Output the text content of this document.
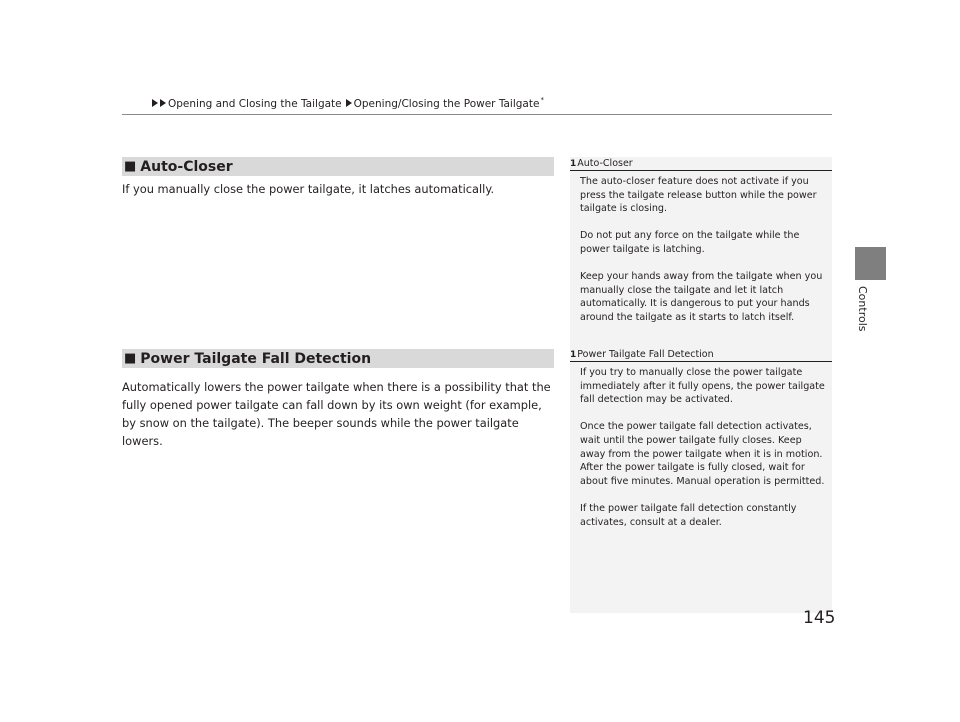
Opening and Closing the Tailgate Opening/Closing the Power Tailgate*
Controls
■ Auto-Closer
If you manually close the power tailgate, it latches automatically.
■ Power Tailgate Fall Detection
Automatically lowers the power tailgate when there is a possibility that the fully opened power tailgate can fall down by its own weight (for example, by snow on the tailgate). The beeper sounds while the power tailgate lowers.
1 Auto-Closer

The auto-closer feature does not activate if you press the tailgate release button while the power tailgate is closing.

Do not put any force on the tailgate while the power tailgate is latching.

Keep your hands away from the tailgate when you manually close the tailgate and let it latch automatically. It is dangerous to put your hands around the tailgate as it starts to latch itself.

1 Power Tailgate Fall Detection

If you try to manually close the power tailgate immediately after it fully opens, the power tailgate fall detection may be activated.

Once the power tailgate fall detection activates, wait until the power tailgate fully closes. Keep away from the power tailgate when it is in motion. After the power tailgate is fully closed, wait for about five minutes. Manual operation is permitted.

If the power tailgate fall detection constantly activates, consult at a dealer.

145
